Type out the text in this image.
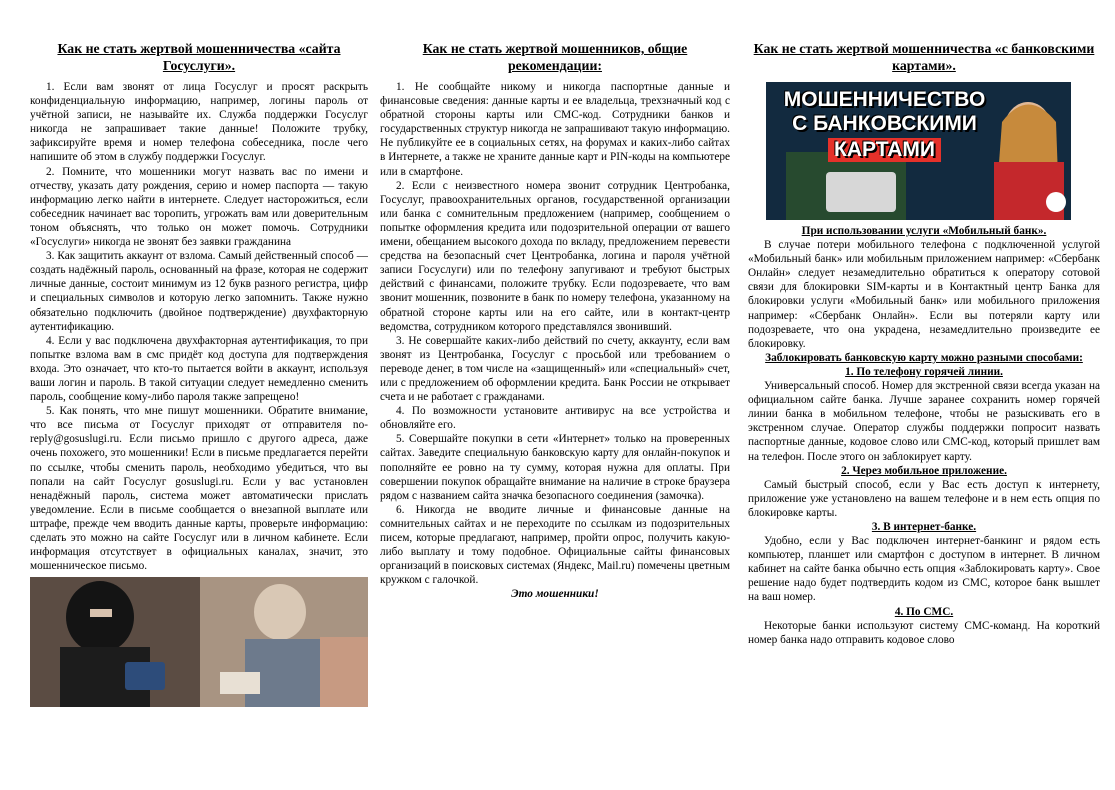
Как не стать жертвой мошенничества «сайта Госуслуги».

1. Если вам звонят от лица Госуслуг и просят раскрыть конфиденциальную информацию, например, логины пароль от учётной записи, не называйте их. Служба поддержки Госуслуг никогда не запрашивает такие данные! Положите трубку, зафиксируйте время и номер телефона собеседника, после чего напишите об этом в службу поддержки Госуслуг.

2. Помните, что мошенники могут назвать вас по имени и отчеству, указать дату рождения, серию и номер паспорта — такую информацию легко найти в интернете. Следует насторожиться, если собеседник начинает вас торопить, угрожать вам или доверительным тоном объяснять, что только он может помочь. Сотрудники «Госуслуги» никогда не звонят без заявки гражданина

3. Как защитить аккаунт от взлома. Самый действенный способ — создать надёжный пароль, основанный на фразе, которая не содержит личные данные, состоит минимум из 12 букв разного регистра, цифр и специальных символов и которую легко запомнить. Также нужно обязательно подключить (двойное подтверждение) двухфакторную аутентификацию.

4. Если у вас подключена двухфакторная аутентификация, то при попытке взлома вам в смс придёт код доступа для подтверждения входа. Это означает, что кто-то пытается войти в аккаунт, используя ваши логин и пароль. В такой ситуации следует немедленно сменить пароль, сообщение кому-либо пароля также запрещено!

5. Как понять, что мне пишут мошенники. Обратите внимание, что все письма от Госуслуг приходят от отправителя no-reply@gosuslugi.ru. Если письмо пришло с другого адреса, даже очень похожего, это мошенники! Если в письме предлагается перейти по ссылке, чтобы сменить пароль, необходимо убедиться, что вы попали на сайт Госуслуг gosuslugi.ru. Если у вас установлен ненадёжный пароль, система может автоматически прислать уведомление. Если в письме сообщается о внезапной выплате или штрафе, прежде чем вводить данные карты, проверьте информацию: сделать это можно на сайте Госуслуг или в личном кабинете. Если информация отсутствует в официальных каналах, значит, это мошенническое письмо.

Как не стать жертвой мошенников, общие рекомендации:

1. Не сообщайте никому и никогда паспортные данные и финансовые сведения: данные карты и ее владельца, трехзначный код с обратной стороны карты или СМС-код. Сотрудники банков и государственных структур никогда не запрашивают такую информацию. Не публикуйте ее в социальных сетях, на форумах и каких-либо сайтах в Интернете, а также не храните данные карт и PIN-коды на компьютере или в смартфоне.

2. Если с неизвестного номера звонит сотрудник Центробанка, Госуслуг, правоохранительных органов, государственной организации или банка с сомнительным предложением (например, сообщением о попытке оформления кредита или подозрительной операции от вашего имени, обещанием высокого дохода по вкладу, предложением перевести средства на безопасный счет Центробанка, логина и пароля учётной записи Госуслуги) или по телефону запугивают и требуют быстрых действий с финансами, положите трубку. Если подозреваете, что вам звонит мошенник, позвоните в банк по номеру телефона, указанному на обратной стороне карты или на его сайте, или в контакт-центр ведомства, сотрудником которого представлялся звонивший.

3. Не совершайте каких-либо действий по счету, аккаунту, если вам звонят из Центробанка, Госуслуг с просьбой или требованием о переводе денег, в том числе на «защищенный» или «специальный» счет, или с предложением об оформлении кредита. Банк России не открывает счета и не работает с гражданами.

4. По возможности установите антивирус на все устройства и обновляйте его.

5. Совершайте покупки в сети «Интернет» только на проверенных сайтах. Заведите специальную банковскую карту для онлайн-покупок и пополняйте ее ровно на ту сумму, которая нужна для оплаты. При совершении покупок обращайте внимание на наличие в строке браузера рядом с названием сайта значка безопасного соединения (замочка).

6. Никогда не вводите личные и финансовые данные на сомнительных сайтах и не переходите по ссылкам из подозрительных писем, которые предлагают, например, пройти опрос, получить какую-либо выплату и тому подобное. Официальные сайты финансовых организаций в поисковых системах (Яндекс, Mail.ru) помечены цветным кружком с галочкой.

Это мошенники!

Как не стать жертвой мошенничества «с банковскими картами».
МОШЕННИЧЕСТВО
С БАНКОВСКИМИ
КАРТАМИ

При использовании услуги «Мобильный банк».

В случае потери мобильного телефона с подключенной услугой «Мобильный банк» или мобильным приложением например: «Сбербанк Онлайн» следует незамедлительно обратиться к оператору сотовой связи для блокировки SIM-карты и в Контактный центр Банка для блокировки услуги «Мобильный банк» или мобильного приложения например: «Сбербанк Онлайн». Если вы потеряли карту или подозреваете, что она украдена, незамедлительно произведите ее блокировку.

Заблокировать банковскую карту можно разными способами:

1. По телефону горячей линии.

Универсальный способ. Номер для экстренной связи всегда указан на официальном сайте банка. Лучше заранее сохранить номер горячей линии банка в мобильном телефоне, чтобы не разыскивать его в экстренном случае. Оператор службы поддержки попросит назвать паспортные данные, кодовое слово или СМС-код, который пришлет вам на телефон. После этого он заблокирует карту.

2. Через мобильное приложение.

Самый быстрый способ, если у Вас есть доступ к интернету, приложение уже установлено на вашем телефоне и в нем есть опция по блокировке карты.

3. В интернет-банке.

Удобно, если у Вас подключен интернет-банкинг и рядом есть компьютер, планшет или смартфон с доступом в интернет. В личном кабинет на сайте банка обычно есть опция «Заблокировать карту». Свое решение надо будет подтвердить кодом из СМС, которое банк вышлет на ваш номер.

4. По СМС.

Некоторые банки используют систему СМС-команд. На короткий номер банка надо отправить кодовое слово
